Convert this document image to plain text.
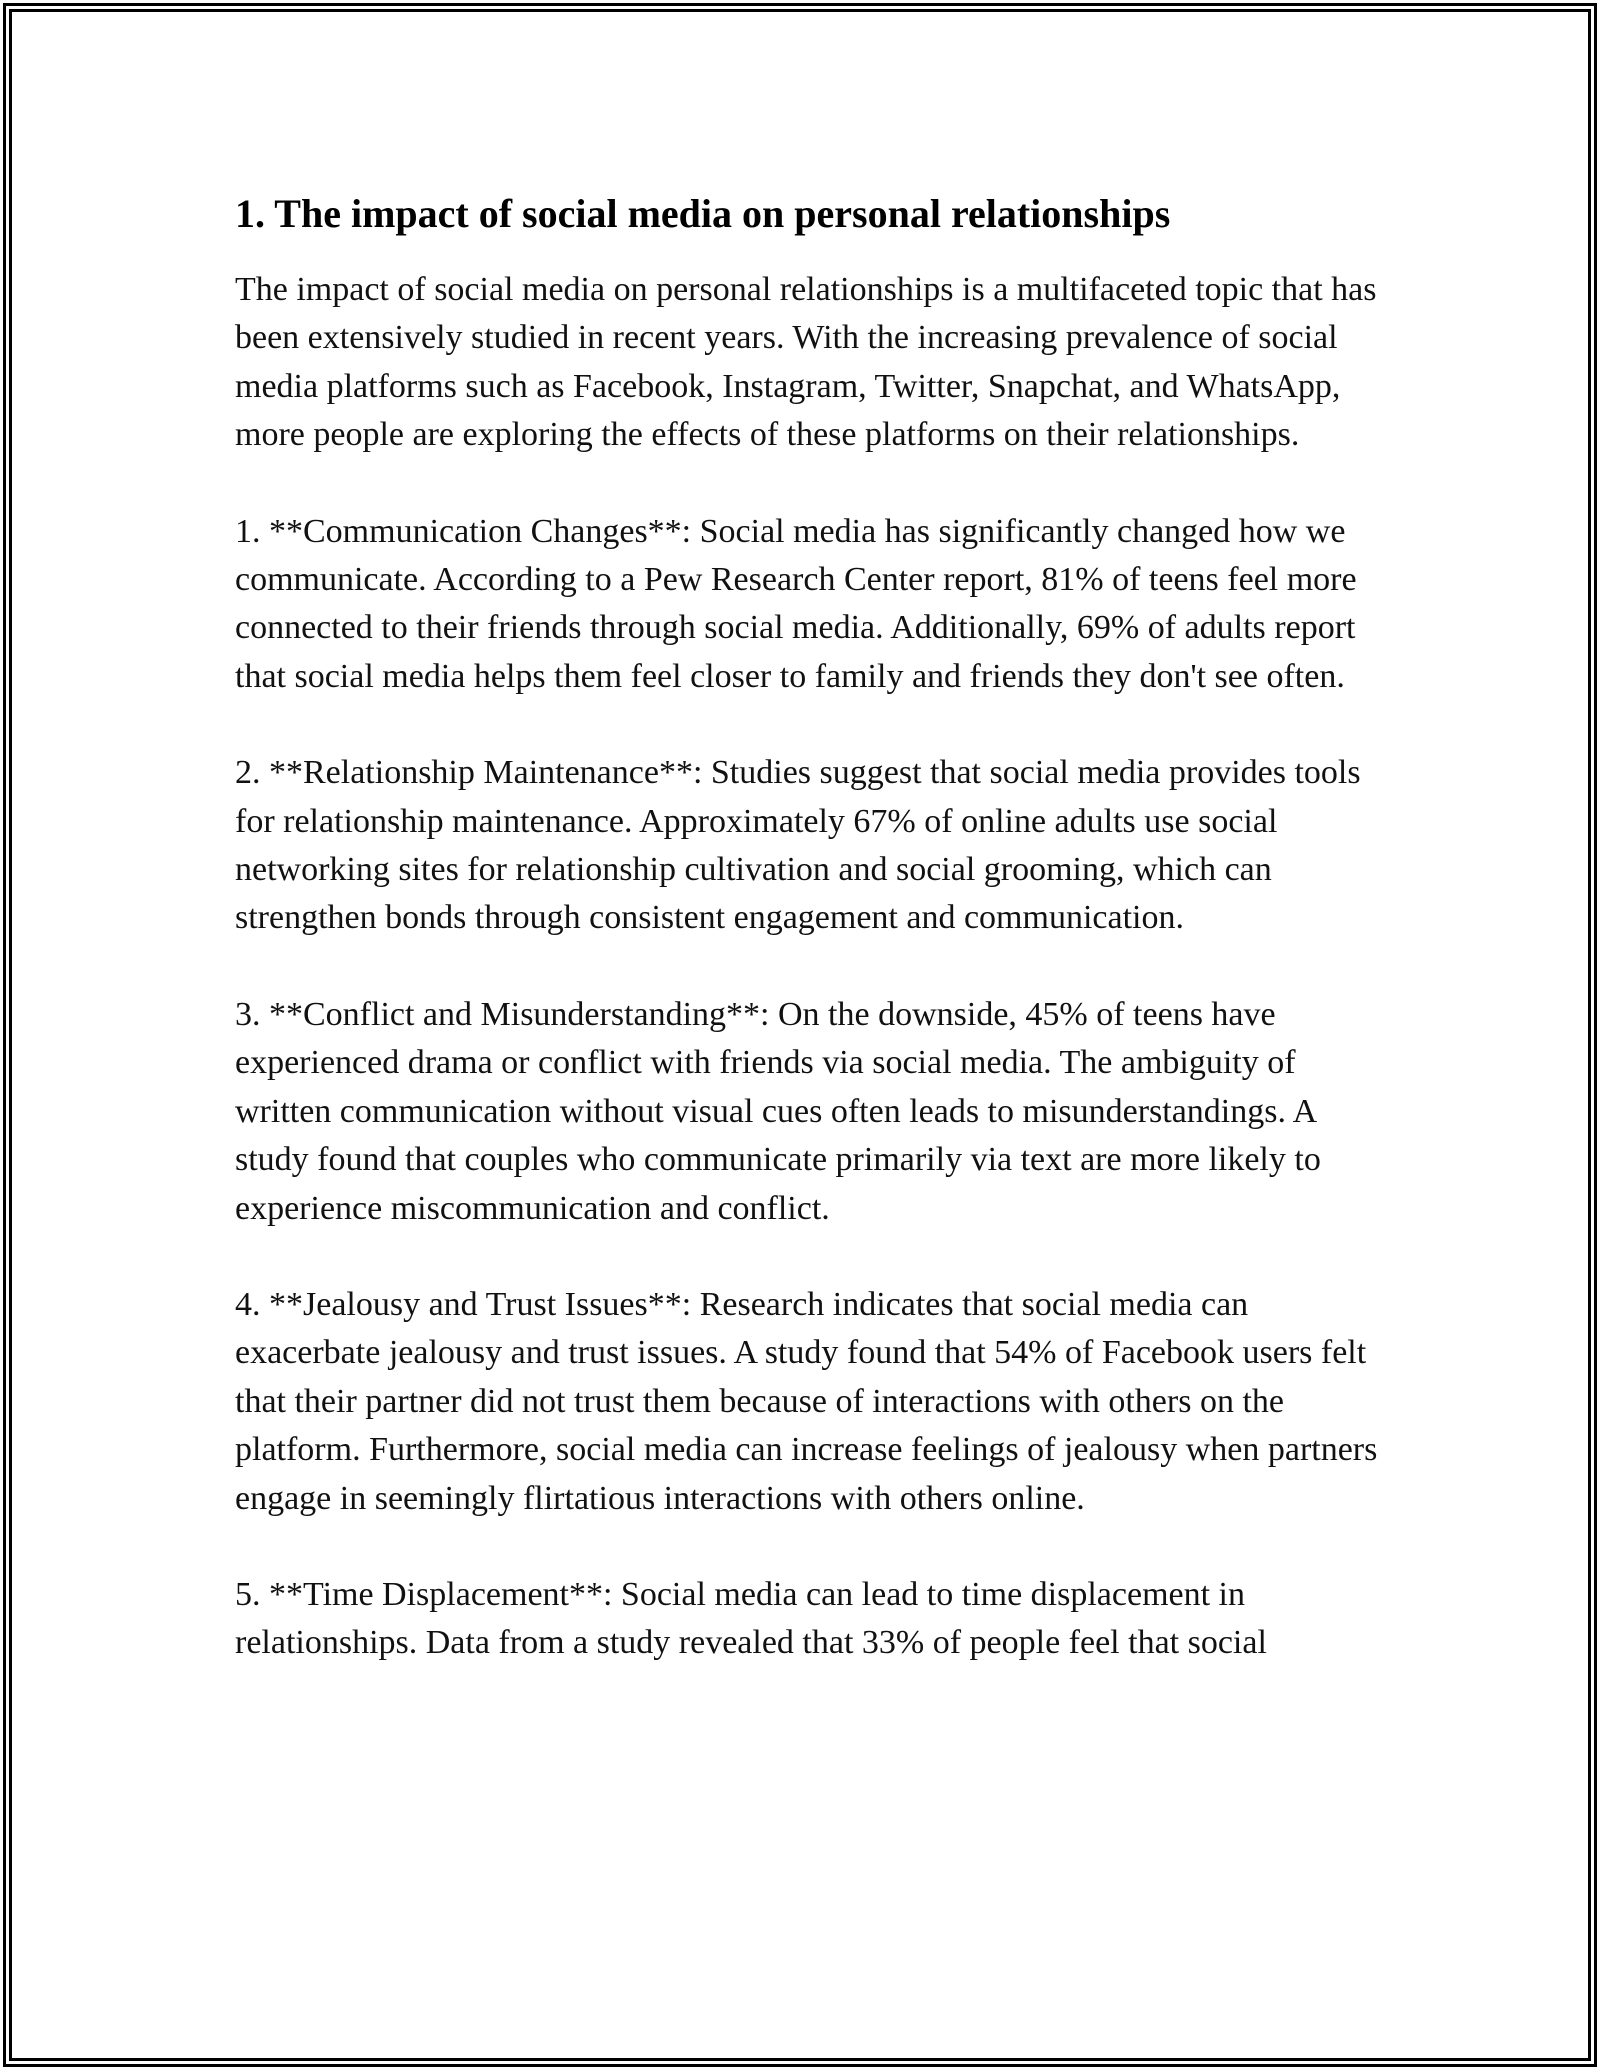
1. The impact of social media on personal relationships

The impact of social media on personal relationships is a multifaceted topic that has been extensively studied in recent years. With the increasing prevalence of social media platforms such as Facebook, Instagram, Twitter, Snapchat, and WhatsApp, more people are exploring the effects of these platforms on their relationships.

1. **Communication Changes**: Social media has significantly changed how we communicate. According to a Pew Research Center report, 81% of teens feel more connected to their friends through social media. Additionally, 69% of adults report that social media helps them feel closer to family and friends they don't see often.

2. **Relationship Maintenance**: Studies suggest that social media provides tools for relationship maintenance. Approximately 67% of online adults use social networking sites for relationship cultivation and social grooming, which can strengthen bonds through consistent engagement and communication.

3. **Conflict and Misunderstanding**: On the downside, 45% of teens have experienced drama or conflict with friends via social media. The ambiguity of written communication without visual cues often leads to misunderstandings. A study found that couples who communicate primarily via text are more likely to experience miscommunication and conflict.

4. **Jealousy and Trust Issues**: Research indicates that social media can exacerbate jealousy and trust issues. A study found that 54% of Facebook users felt that their partner did not trust them because of interactions with others on the platform. Furthermore, social media can increase feelings of jealousy when partners engage in seemingly flirtatious interactions with others online.

5. **Time Displacement**: Social media can lead to time displacement in relationships. Data from a study revealed that 33% of people feel that social
